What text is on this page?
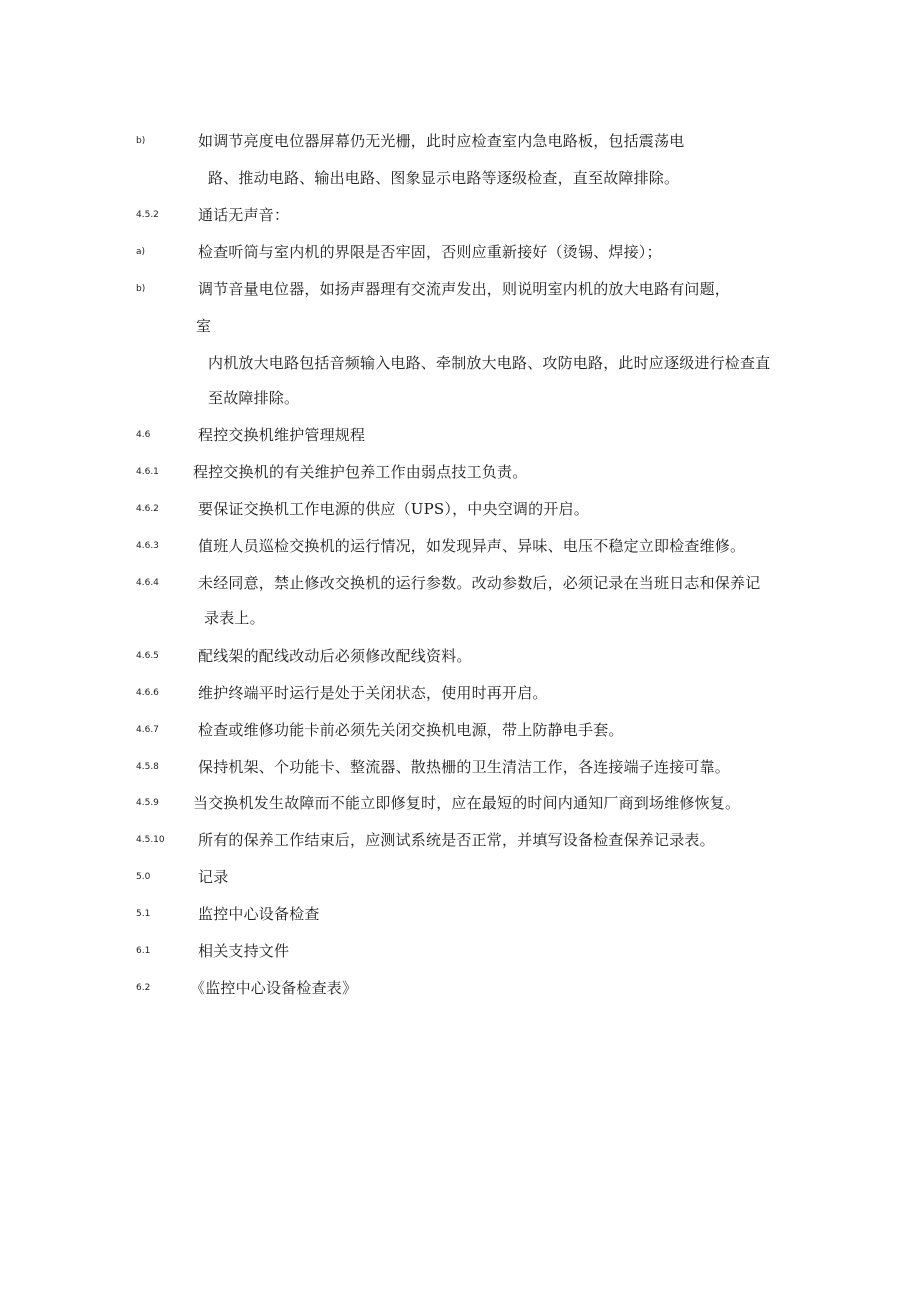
b)	如调节亮度电位器屏幕仍无光栅，此时应检查室内急电路板，包括震荡电
路、推动电路、输出电路、图象显示电路等逐级检查，直至故障排除。
4.5.2	通话无声音：
a)	检查听筒与室内机的界限是否牢固，否则应重新接好（烫锡、焊接）；
b)	调节音量电位器，如扬声器理有交流声发出，则说明室内机的放大电路有问题，
室
内机放大电路包括音频输入电路、牵制放大电路、攻防电路，此时应逐级进行检查直
至故障排除。
4.6	程控交换机维护管理规程
4.6.1 程控交换机的有关维护包养工作由弱点技工负责。
4.6.2	要保证交换机工作电源的供应（UPS），中央空调的开启。
4.6.3	值班人员巡检交换机的运行情况，如发现异声、异味、电压不稳定立即检查维修。
4.6.4	未经同意，禁止修改交换机的运行参数。改动参数后，必须记录在当班日志和保养记
录表上。
4.6.5	配线架的配线改动后必须修改配线资料。
4.6.6	维护终端平时运行是处于关闭状态，使用时再开启。
4.6.7	检查或维修功能卡前必须先关闭交换机电源，带上防静电手套。
4.5.8	保持机架、个功能卡、整流器、散热栅的卫生清洁工作，各连接端子连接可靠。
4.5.9 当交换机发生故障而不能立即修复时，应在最短的时间内通知厂商到场维修恢复。
4.5.10 所有的保养工作结束后，应测试系统是否正常，并填写设备检查保养记录表。
5.0	记录
5.1	监控中心设备检查
6.1	相关支持文件
6.2	《监控中心设备检查表》
